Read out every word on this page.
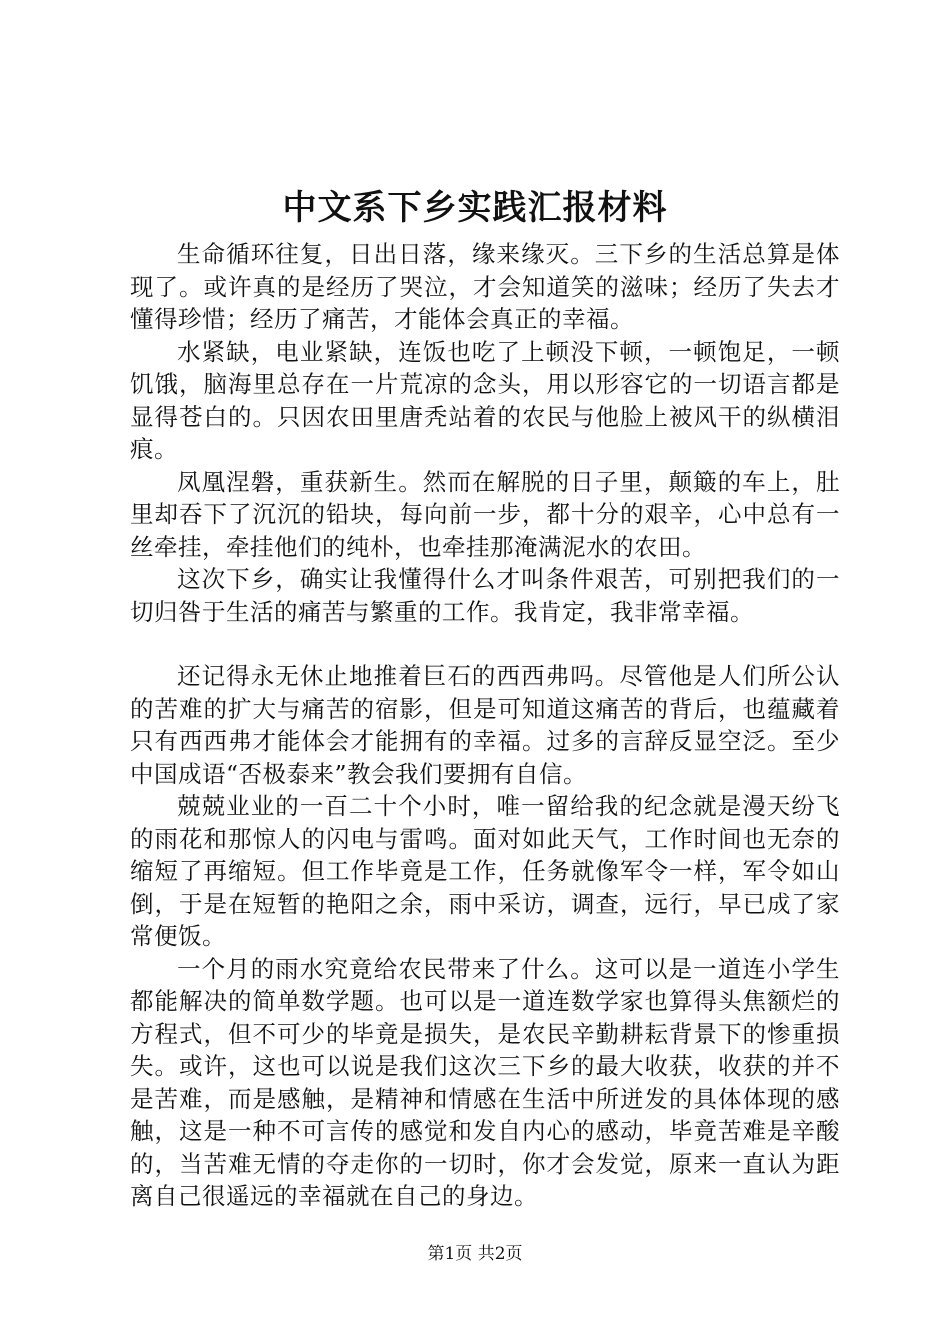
中文系下乡实践汇报材料

生命循环往复，日出日落，缘来缘灭。三下乡的生活总算是体现了。或许真的是经历了哭泣，才会知道笑的滋味；经历了失去才懂得珍惜；经历了痛苦，才能体会真正的幸福。

水紧缺，电业紧缺，连饭也吃了上顿没下顿，一顿饱足，一顿饥饿，脑海里总存在一片荒凉的念头，用以形容它的一切语言都是显得苍白的。只因农田里唐秃站着的农民与他脸上被风干的纵横泪痕。

凤凰涅磐，重获新生。然而在解脱的日子里，颠簸的车上，肚里却吞下了沉沉的铅块，每向前一步，都十分的艰辛，心中总有一丝牵挂，牵挂他们的纯朴，也牵挂那淹满泥水的农田。

这次下乡，确实让我懂得什么才叫条件艰苦，可别把我们的一切归咎于生活的痛苦与繁重的工作。我肯定，我非常幸福。

还记得永无休止地推着巨石的西西弗吗。尽管他是人们所公认的苦难的扩大与痛苦的宿影，但是可知道这痛苦的背后，也蕴藏着只有西西弗才能体会才能拥有的幸福。过多的言辞反显空泛。至少中国成语“否极泰来”教会我们要拥有自信。

兢兢业业的一百二十个小时，唯一留给我的纪念就是漫天纷飞的雨花和那惊人的闪电与雷鸣。面对如此天气，工作时间也无奈的缩短了再缩短。但工作毕竟是工作，任务就像军令一样，军令如山倒，于是在短暂的艳阳之余，雨中采访，调查，远行，早已成了家常便饭。

一个月的雨水究竟给农民带来了什么。这可以是一道连小学生都能解决的简单数学题。也可以是一道连数学家也算得头焦额烂的方程式，但不可少的毕竟是损失，是农民辛勤耕耘背景下的惨重损失。或许，这也可以说是我们这次三下乡的最大收获，收获的并不是苦难，而是感触，是精神和情感在生活中所迸发的具体体现的感触，这是一种不可言传的感觉和发自内心的感动，毕竟苦难是辛酸的，当苦难无情的夺走你的一切时，你才会发觉，原来一直认为距离自己很遥远的幸福就在自己的身边。

第1页 共2页
